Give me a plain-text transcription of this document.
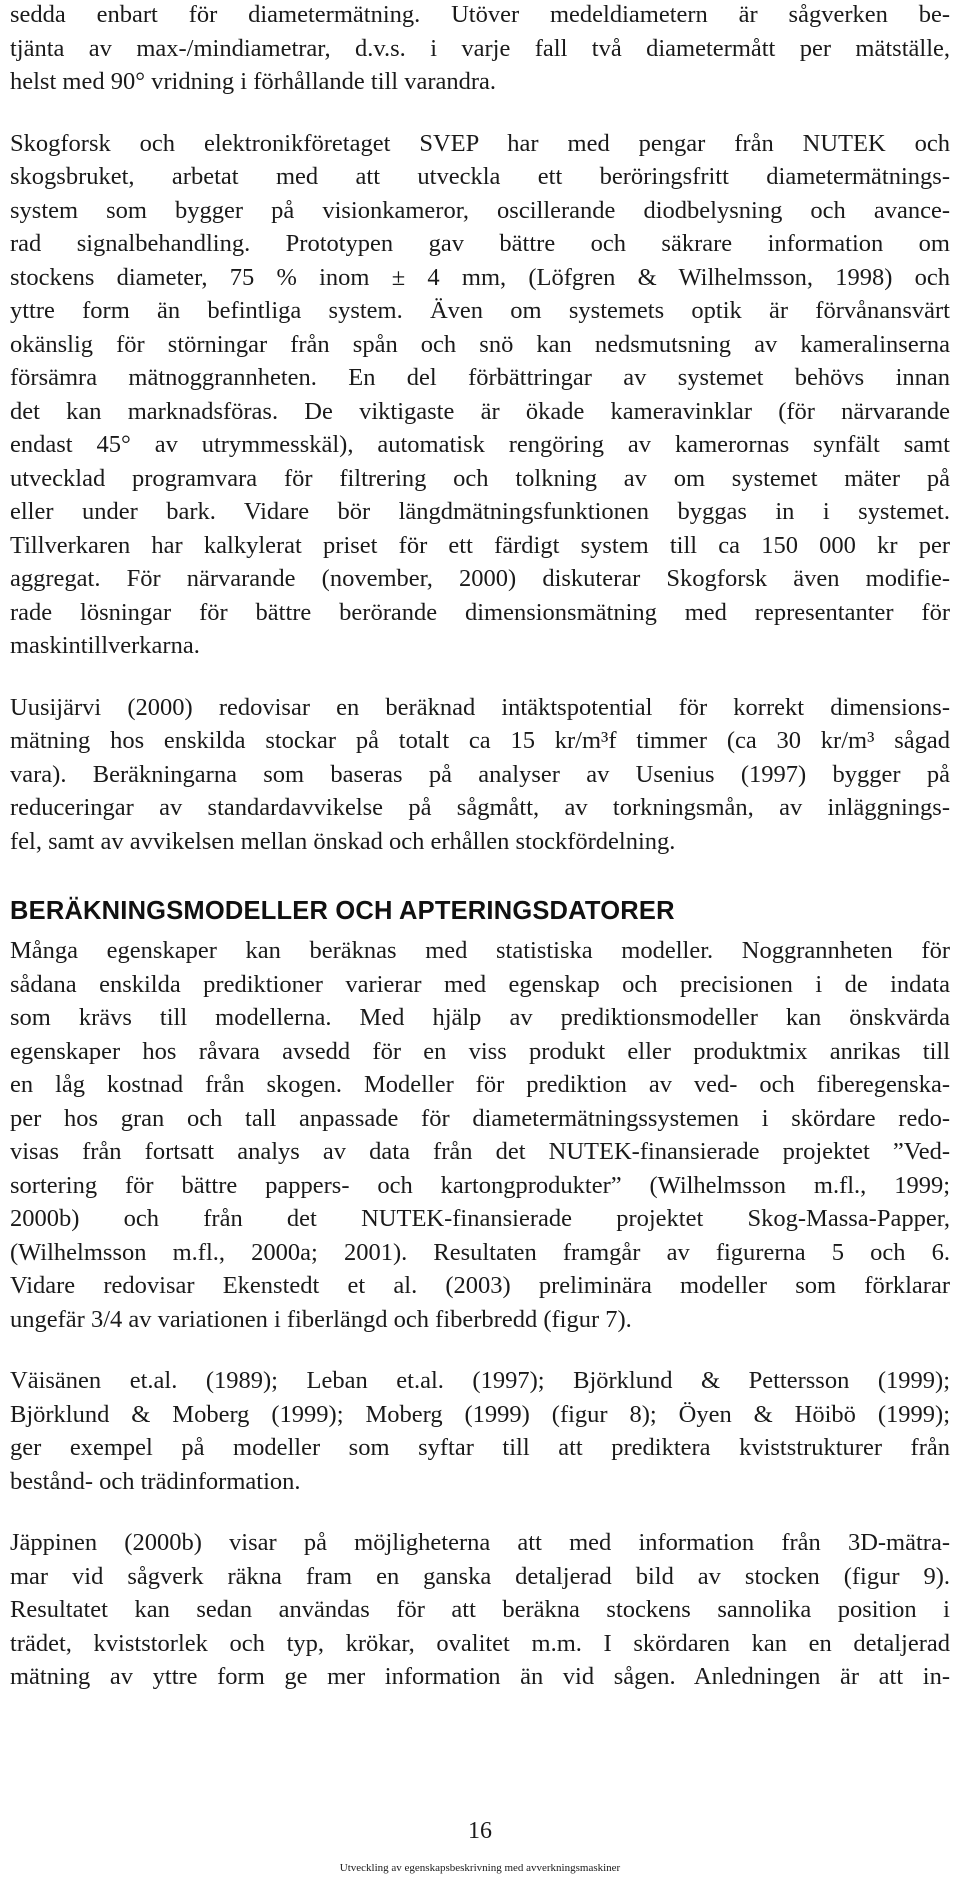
sedda enbart för diametermätning. Utöver medeldiametern är sågverken be-
tjänta av max-/mindiametrar, d.v.s. i varje fall två diametermått per mätställe,
helst med 90° vridning i förhållande till varandra.

Skogforsk och elektronikföretaget SVEP har med pengar från NUTEK och
skogsbruket, arbetat med att utveckla ett beröringsfritt diametermätnings-
system som bygger på visionkameror, oscillerande diodbelysning och avance-
rad signalbehandling. Prototypen gav bättre och säkrare information om
stockens diameter, 75 % inom ± 4 mm, (Löfgren & Wilhelmsson, 1998) och
yttre form än befintliga system. Även om systemets optik är förvånansvärt
okänslig för störningar från spån och snö kan nedsmutsning av kameralinserna
försämra mätnoggrannheten. En del förbättringar av systemet behövs innan
det kan marknadsföras. De viktigaste är ökade kameravinklar (för närvarande
endast 45° av utrymmesskäl), automatisk rengöring av kamerornas synfält samt
utvecklad programvara för filtrering och tolkning av om systemet mäter på
eller under bark. Vidare bör längdmätningsfunktionen byggas in i systemet.
Tillverkaren har kalkylerat priset för ett färdigt system till ca 150 000 kr per
aggregat. För närvarande (november, 2000) diskuterar Skogforsk även modifie-
rade lösningar för bättre berörande dimensionsmätning med representanter för
maskintillverkarna.

Uusijärvi (2000) redovisar en beräknad intäktspotential för korrekt dimensions-
mätning hos enskilda stockar på totalt ca 15 kr/m³f timmer (ca 30 kr/m³ sågad
vara). Beräkningarna som baseras på analyser av Usenius (1997) bygger på
reduceringar av standardavvikelse på sågmått, av torkningsmån, av inläggnings-
fel, samt av avvikelsen mellan önskad och erhållen stockfördelning.

BERÄKNINGSMODELLER OCH APTERINGSDATORER

Många egenskaper kan beräknas med statistiska modeller. Noggrannheten för
sådana enskilda prediktioner varierar med egenskap och precisionen i de indata
som krävs till modellerna. Med hjälp av prediktionsmodeller kan önskvärda
egenskaper hos råvara avsedd för en viss produkt eller produktmix anrikas till
en låg kostnad från skogen. Modeller för prediktion av ved- och fiberegenska-
per hos gran och tall anpassade för diametermätningssystemen i skördare redo-
visas från fortsatt analys av data från det NUTEK-finansierade projektet ”Ved-
sortering för bättre pappers- och kartongprodukter” (Wilhelmsson m.fl., 1999;
2000b) och från det NUTEK-finansierade projektet Skog-Massa-Papper,
(Wilhelmsson m.fl., 2000a; 2001). Resultaten framgår av figurerna 5 och 6.
Vidare redovisar Ekenstedt et al. (2003) preliminära modeller som förklarar
ungefär 3/4 av variationen i fiberlängd och fiberbredd (figur 7).

Väisänen et.al. (1989); Leban et.al. (1997); Björklund & Pettersson (1999);
Björklund & Moberg (1999); Moberg (1999) (figur 8); Öyen & Höibö (1999);
ger exempel på modeller som syftar till att prediktera kviststrukturer från
bestånd- och trädinformation.

Jäppinen (2000b) visar på möjligheterna att med information från 3D-mätra-
mar vid sågverk räkna fram en ganska detaljerad bild av stocken (figur 9).
Resultatet kan sedan användas för att beräkna stockens sannolika position i
trädet, kviststorlek och typ, krökar, ovalitet m.m. I skördaren kan en detaljerad
mätning av yttre form ge mer information än vid sågen. Anledningen är att in-

16
Utveckling av egenskapsbeskrivning med avverkningsmaskiner
